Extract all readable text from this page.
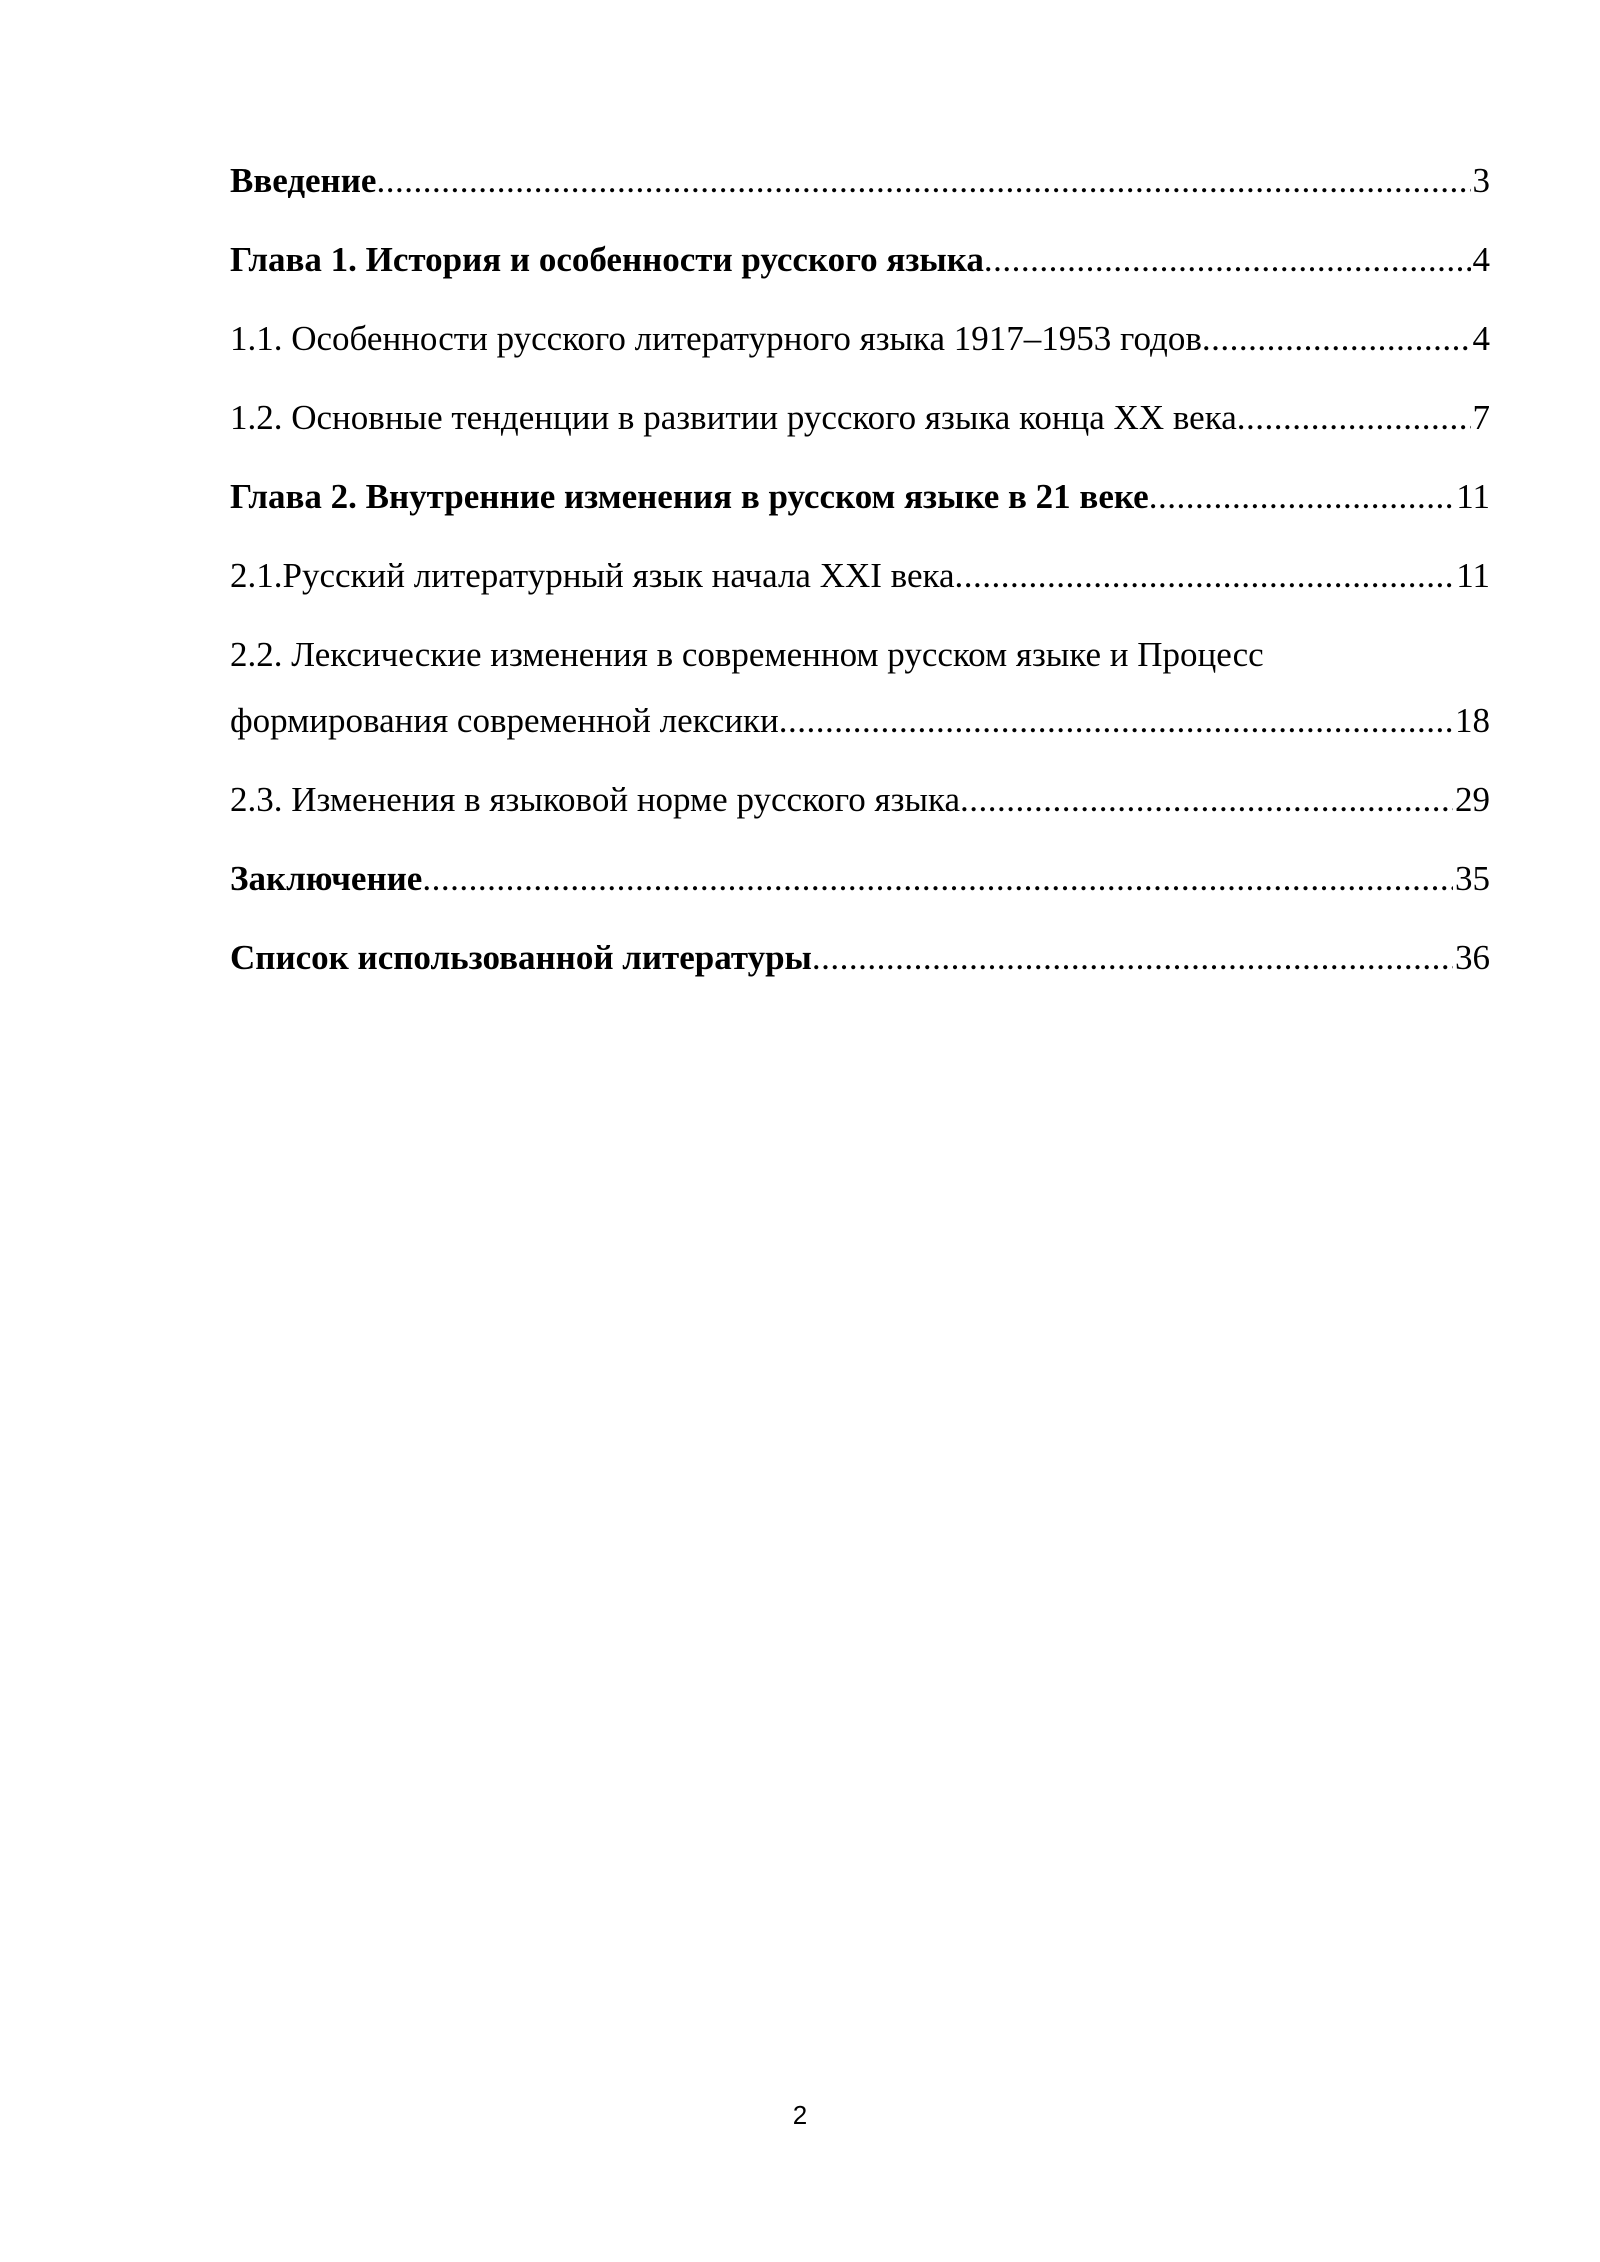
Введение .....	3
Глава 1. История и особенности русского языка .....	4
1.1. Особенности русского литературного языка 1917–1953 годов .....	4
1.2. Основные тенденции в развитии русского языка конца XX века .....	7
Глава 2. Внутренние изменения в русском языке в 21 веке .....	11
2.1.Русский литературный язык начала XXI века .....	11
2.2. Лексические изменения в современном русском языке и Процесс
формирования современной лексики .....	18
2.3. Изменения в языковой норме русского языка .....	29
Заключение .....	35
Список использованной литературы .....	36
2
